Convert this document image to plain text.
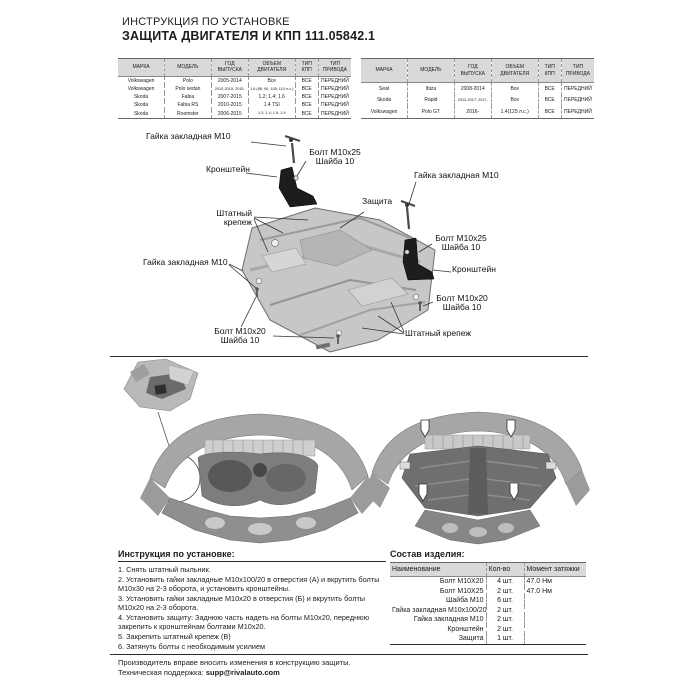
ИНСТРУКЦИЯ ПО УСТАНОВКЕ
ЗАЩИТА ДВИГАТЕЛЯ И КПП 111.05842.1
МАРКА	МОДЕЛЬ	ГОД ВЫПУСКА	ОБЪЕМ ДВИГАТЕЛЯ	ТИП КПП	ТИП ПРИВОДА
Volkswagen	Polo	2005-2014	Все	ВСЕ	ПЕРЕДНИЙ
Volkswagen	Polo sedan	2010-2015; 2015-	1.6 (85; 90; 105; 110 л.с.)	ВСЕ	ПЕРЕДНИЙ
Skoda	Fabia	2007-2015	1.2; 1.4; 1.6	ВСЕ	ПЕРЕДНИЙ
Skoda	Fabia RS	2010-2015	1.4 TSI	ВСЕ	ПЕРЕДНИЙ
Skoda	Roomster	2006-2015	1.2; 1.4; 1.6; 1.9	ВСЕ	ПЕРЕДНИЙ
МАРКА	МОДЕЛЬ	ГОД ВЫПУСКА	ОБЪЕМ ДВИГАТЕЛЯ	ТИП КПП	ТИП ПРИВОДА
Seat	Ibiza	2008-2014	Все	ВСЕ	ПЕРЕДНИЙ
Skoda	Rapid	2012-2017; 2017-	Все	ВСЕ	ПЕРЕДНИЙ
Volkswagen	Polo GT	2016-	1.4(125 л.с.)	ВСЕ	ПЕРЕДНИЙ
Гайка закладная М10
Болт М10х25
Шайба 10
Кронштейн
Защита
Гайка закладная М10
Болт М10х25
Шайба 10
Кронштейн
Штатный крепеж
Гайка закладная М10
Болт М10х20
Шайба 10
Болт М10х20
Шайба 10
Штатный крепеж
Инструкция по установке:
1. Снять штатный пыльник.
2. Установить гайки закладные М10х100/20 в отверстия (А) и вкрутить болты М10х30 на 2-3 оборота, и установить кронштейны.
3. Установить гайки закладные М10х20 в отверстия (Б) и вкрутить болты М10х20 на 2-3 оборота.
4. Установить защиту: Заднюю часть надеть на болты М10х20, переднюю закрепить к кронштейнам болтами М10х20.
5. Закрепить штатный крепеж (В)
6. Затянуть болты с необходимым усилием
Состав изделия:
Наименование	Кол-во	Момент затяжки
Болт М10Х20	4 шт.	47.0 Нм
Болт М10Х25	2 шт.	47.0 Нм
Шайба М10	6 шт.	
Гайка закладная М10х100/20	2 шт.	
Гайка закладная М10	2 шт.	
Кронштейн	2 шт.	
Защита	1 шт.	
Производитель вправе вносить изменения в конструкцию защиты.
Техническая поддержка: supp@rivalauto.com
